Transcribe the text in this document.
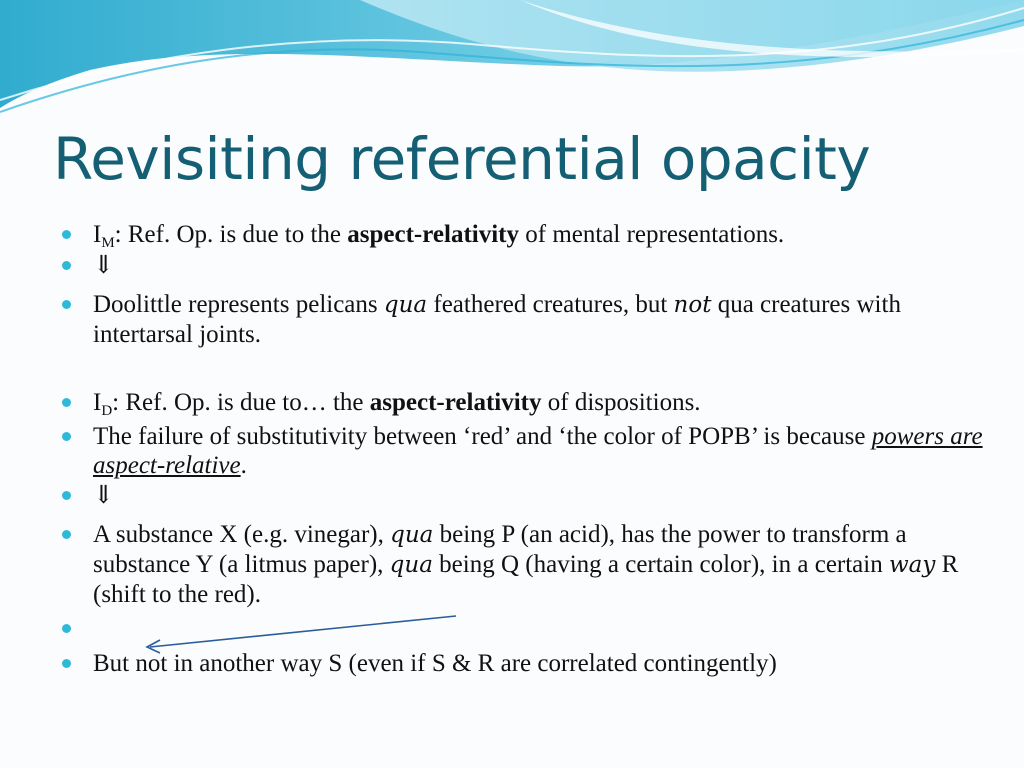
Revisiting referential opacity
$I_M$: Ref. Op. is due to the aspect-relativity of mental representations.
⇓
Doolittle represents pelicans qua feathered creatures, but not qua creatures with intertarsal joints.
$I_D$: Ref. Op. is due to… the aspect-relativity of dispositions.
The failure of substitutivity between ‘red’ and ‘the color of POPB’ is because powers are aspect-relative.
⇓
A substance X (e.g. vinegar), qua being P (an acid), has the power to transform a substance Y (a litmus paper), qua being Q (having a certain color), in a certain way R (shift to the red).
But not in another way S (even if S & R are correlated contingently)
